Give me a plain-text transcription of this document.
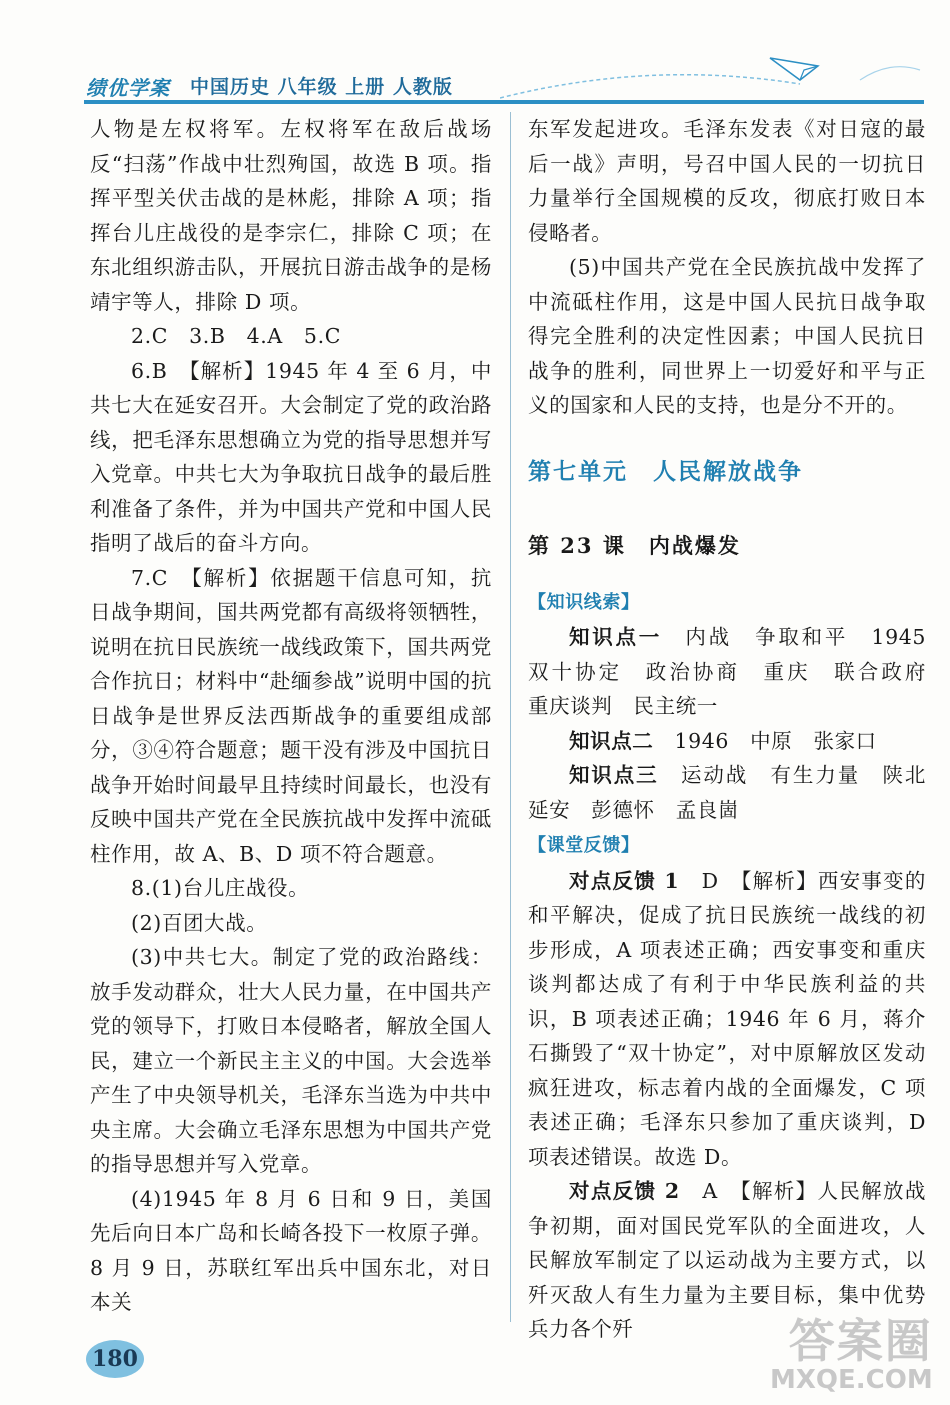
绩优学案 中国历史 八年级 上册 人教版

人物是左权将军。左权将军在敌后战场反“扫荡”作战中壮烈殉国，故选 B 项。指挥平型关伏击战的是林彪，排除 A 项；指挥台儿庄战役的是李宗仁，排除 C 项；在东北组织游击队，开展抗日游击战争的是杨靖宇等人，排除 D 项。

2.C　3.B　4.A　5.C

6.B　【解析】1945 年 4 至 6 月，中共七大在延安召开。大会制定了党的政治路线，把毛泽东思想确立为党的指导思想并写入党章。中共七大为争取抗日战争的最后胜利准备了条件，并为中国共产党和中国人民指明了战后的奋斗方向。

7.C　【解析】依据题干信息可知，抗日战争期间，国共两党都有高级将领牺牲，说明在抗日民族统一战线政策下，国共两党合作抗日；材料中“赴缅参战”说明中国的抗日战争是世界反法西斯战争的重要组成部分，③④符合题意；题干没有涉及中国抗日战争开始时间最早且持续时间最长，也没有反映中国共产党在全民族抗战中发挥中流砥柱作用，故 A、B、D 项不符合题意。

8.(1)台儿庄战役。

(2)百团大战。

(3)中共七大。制定了党的政治路线：放手发动群众，壮大人民力量，在中国共产党的领导下，打败日本侵略者，解放全国人民，建立一个新民主主义的中国。大会选举产生了中央领导机关，毛泽东当选为中共中央主席。大会确立毛泽东思想为中国共产党的指导思想并写入党章。

(4)1945 年 8 月 6 日和 9 日，美国先后向日本广岛和长崎各投下一枚原子弹。8 月 9 日，苏联红军出兵中国东北，对日本关

东军发起进攻。毛泽东发表《对日寇的最后一战》声明，号召中国人民的一切抗日力量举行全国规模的反攻，彻底打败日本侵略者。

(5)中国共产党在全民族抗战中发挥了中流砥柱作用，这是中国人民抗日战争取得完全胜利的决定性因素；中国人民抗日战争的胜利，同世界上一切爱好和平与正义的国家和人民的支持，也是分不开的。

第七单元　人民解放战争

第 23 课　内战爆发

【知识线索】

知识点一　内战　争取和平　1945　双十协定　政治协商　重庆　联合政府　重庆谈判　民主统一

知识点二　1946　中原　张家口

知识点三　运动战　有生力量　陕北　延安　彭德怀　孟良崮

【课堂反馈】

对点反馈 1　D　【解析】西安事变的和平解决，促成了抗日民族统一战线的初步形成，A 项表述正确；西安事变和重庆谈判都达成了有利于中华民族利益的共识，B 项表述正确；1946 年 6 月，蒋介石撕毁了“双十协定”，对中原解放区发动疯狂进攻，标志着内战的全面爆发，C 项表述正确；毛泽东只参加了重庆谈判，D 项表述错误。故选 D。

对点反馈 2　A　【解析】人民解放战争初期，面对国民党军队的全面进攻，人民解放军制定了以运动战为主要方式，以歼灭敌人有生力量为主要目标，集中优势兵力各个歼

180	答案圈
MXQE.COM
